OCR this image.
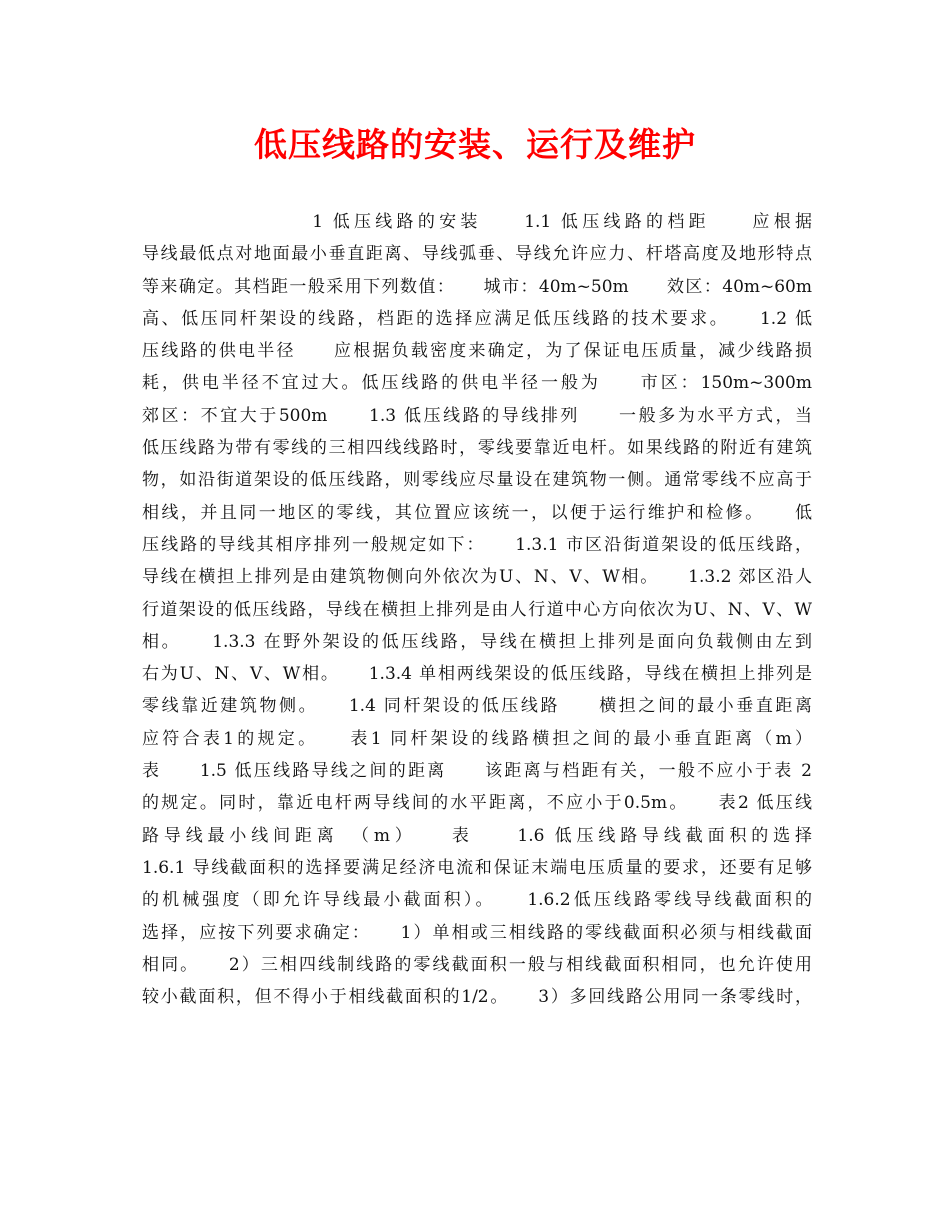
低压线路的安装、运行及维护
　　　　　　　　1 低压线路的安装　　1.1 低压线路的档距　　应根据
导线最低点对地面最小垂直距离、导线弧垂、导线允许应力、杆塔高度及地形特点
等来确定。其档距一般采用下列数值：　　城市：40m~50m　　效区：40m~60m
高、低压同杆架设的线路，档距的选择应满足低压线路的技术要求。　　1.2 低
压线路的供电半径　　应根据负载密度来确定，为了保证电压质量，减少线路损
耗，供电半径不宜过大。低压线路的供电半径一般为　　市区：150m~300m
郊区：不宜大于500m　　1.3 低压线路的导线排列　　一般多为水平方式，当
低压线路为带有零线的三相四线线路时，零线要靠近电杆。如果线路的附近有建筑
物，如沿街道架设的低压线路，则零线应尽量设在建筑物一侧。通常零线不应高于
相线，并且同一地区的零线，其位置应该统一，以便于运行维护和检修。　　低
压线路的导线其相序排列一般规定如下：　　1.3.1 市区沿街道架设的低压线路，
导线在横担上排列是由建筑物侧向外依次为U、N、V、W相。　　1.3.2 郊区沿人
行道架设的低压线路，导线在横担上排列是由人行道中心方向依次为U、N、V、W
相。　　1.3.3 在野外架设的低压线路，导线在横担上排列是面向负载侧由左到
右为U、N、V、W相。　　1.3.4 单相两线架设的低压线路，导线在横担上排列是
零线靠近建筑物侧。　　1.4 同杆架设的低压线路　　横担之间的最小垂直距离
应符合表1的规定。　　表1 同杆架设的线路横担之间的最小垂直距离（m）
表　　1.5 低压线路导线之间的距离　　该距离与档距有关，一般不应小于表 2
的规定。同时，靠近电杆两导线间的水平距离，不应小于0.5m。　　表2 低压线
路导线最小线间距离　（m）　　表　　1.6 低压线路导线截面积的选择
1.6.1 导线截面积的选择要满足经济电流和保证末端电压质量的要求，还要有足够
的机械强度（即允许导线最小截面积）。　　1.6.2低压线路零线导线截面积的
选择，应按下列要求确定：　　1）单相或三相线路的零线截面积必须与相线截面
相同。　　2）三相四线制线路的零线截面积一般与相线截面积相同，也允许使用
较小截面积，但不得小于相线截面积的1/2。　　3）多回线路公用同一条零线时，
